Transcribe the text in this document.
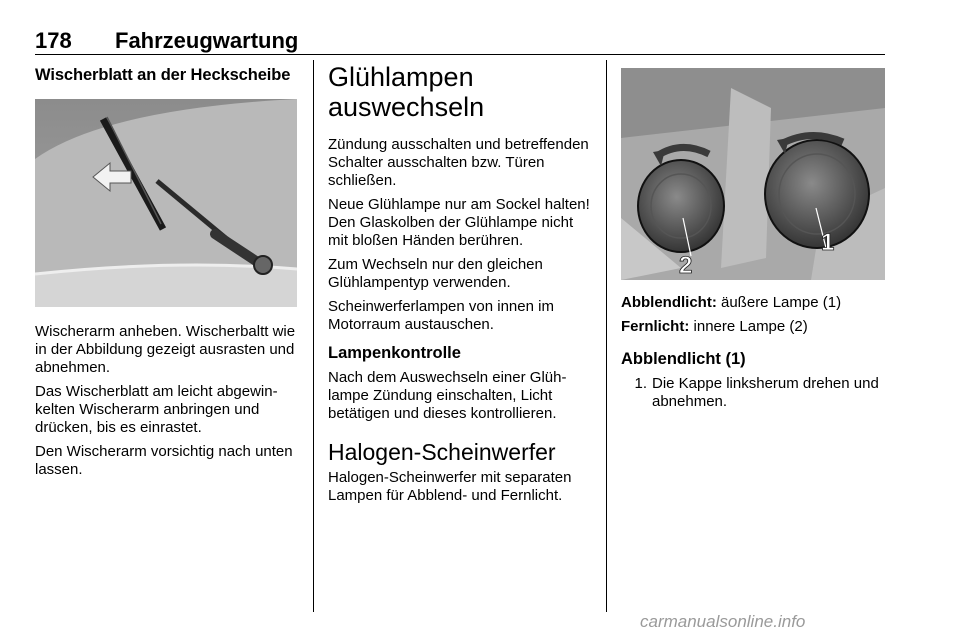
178 Fahrzeugwartung
Wischerblatt an der Heckscheibe

Wischerarm anheben. Wischerbaltt wie in der Abbildung gezeigt ausrasten und abnehmen.

Das Wischerblatt am leicht abgewinkelten Wischerarm anbringen und drücken, bis es einrastet.

Den Wischerarm vorsichtig nach unten lassen.

Glühlampen auswechseln

Zündung ausschalten und betreffenden Schalter ausschalten bzw. Türen schließen.

Neue Glühlampe nur am Sockel halten! Den Glaskolben der Glühlampe nicht mit bloßen Händen berühren.

Zum Wechseln nur den gleichen Glühlampentyp verwenden.

Scheinwerferlampen von innen im Motorraum austauschen.

Lampenkontrolle

Nach dem Auswechseln einer Glühlampe Zündung einschalten, Licht betätigen und dieses kontrollieren.

Halogen-Scheinwerfer

Halogen-Scheinwerfer mit separaten Lampen für Abblend- und Fernlicht.

2
1

Abblendlicht: äußere Lampe (1)

Fernlicht: innere Lampe (2)

Abblendlicht (1)
1. Die Kappe linksherum drehen und abnehmen.
carmanualsonline.info
